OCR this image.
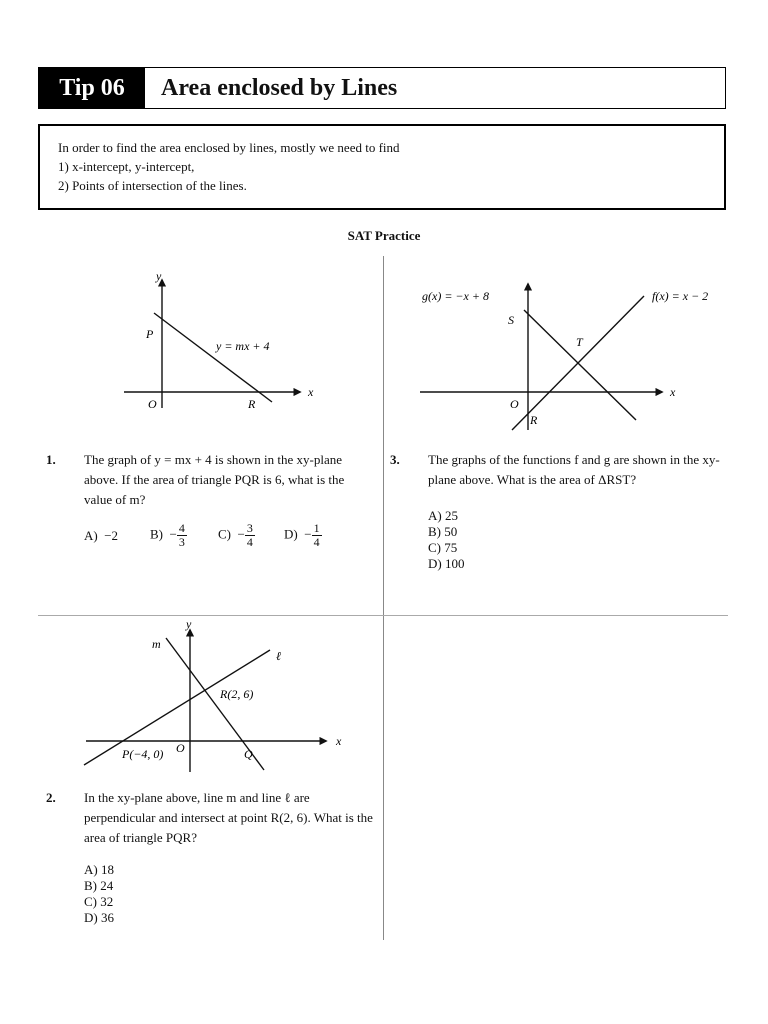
Tip 06	Area enclosed by Lines
In order to find the area enclosed by lines, mostly we need to find
1) x-intercept, y-intercept,
2) Points of intersection of the lines.
SAT Practice
y
x
P
O	R
y = mx + 4
1. The graph of y = mx + 4 is shown in the xy-plane above. If the area of triangle PQR is 6, what is the value of m?
A) −2 $B) - \frac{4}{3} C) - \frac{3}{4} D) - \frac{1}{4}$
g(x) = −x + 8	f(x) = x − 2
S
T
O
R
x
3. The graphs of the functions f and g are shown in the xy-plane above. What is the area of ΔRST?
A) 25
B) 50
C) 75
D) 100
y
x
m
ℓ
R(2, 6)
P(−4, 0) O	Q
2. In the xy-plane above, line m and line ℓ are perpendicular and intersect at point R(2, 6). What is the area of triangle PQR?
A) 18
B) 24
C) 32
D) 36
